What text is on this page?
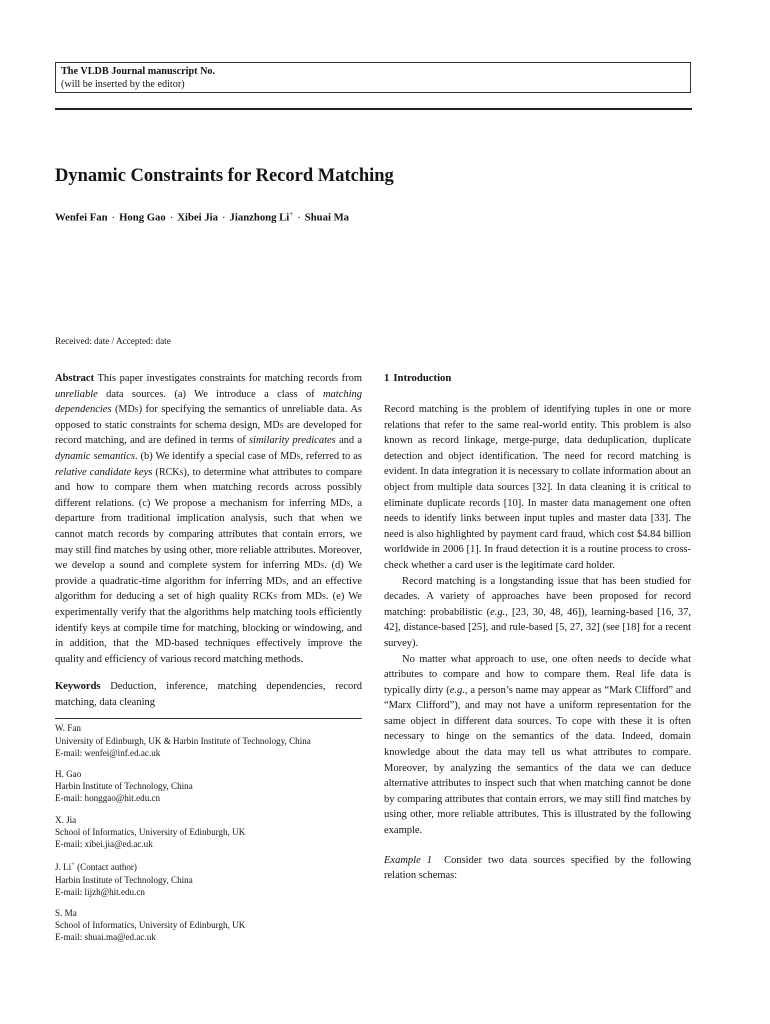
The VLDB Journal manuscript No.
(will be inserted by the editor)
Dynamic Constraints for Record Matching
Wenfei Fan · Hong Gao · Xibei Jia · Jianzhong Li+ · Shuai Ma
Received: date / Accepted: date

Abstract This paper investigates constraints for matching records from unreliable data sources. (a) We introduce a class of matching dependencies (MDs) for specifying the semantics of unreliable data. As opposed to static constraints for schema design, MDs are developed for record matching, and are defined in terms of similarity predicates and a dynamic semantics. (b) We identify a special case of MDs, referred to as relative candidate keys (RCKs), to determine what attributes to compare and how to compare them when matching records across possibly different relations. (c) We propose a mechanism for inferring MDs, a departure from traditional implication analysis, such that when we cannot match records by comparing attributes that contain errors, we may still find matches by using other, more reliable attributes. Moreover, we develop a sound and complete system for inferring MDs. (d) We provide a quadratic-time algorithm for inferring MDs, and an effective algorithm for deducing a set of high quality RCKs from MDs. (e) We experimentally verify that the algorithms help matching tools efficiently identify keys at compile time for matching, blocking or windowing, and in addition, that the MD-based techniques effectively improve the quality and efficiency of various record matching methods.

Keywords Deduction, inference, matching dependencies, record matching, data cleaning

W. Fan
University of Edinburgh, UK & Harbin Institute of Technology, China
E-mail: wenfei@inf.ed.ac.uk
H. Gao
Harbin Institute of Technology, China
E-mail: honggao@hit.edu.cn
X. Jia
School of Informatics, University of Edinburgh, UK
E-mail: xibei.jia@ed.ac.uk
J. Li+ (Contact author)
Harbin Institute of Technology, China
E-mail: lijzh@hit.edu.cn
S. Ma
School of Informatics, University of Edinburgh, UK
E-mail: shuai.ma@ed.ac.uk
1 Introduction

Record matching is the problem of identifying tuples in one or more relations that refer to the same real-world entity. This problem is also known as record linkage, merge-purge, data deduplication, duplicate detection and object identification. The need for record matching is evident. In data integration it is necessary to collate information about an object from multiple data sources [32]. In data cleaning it is critical to eliminate duplicate records [10]. In master data management one often needs to identify links between input tuples and master data [33]. The need is also highlighted by payment card fraud, which cost $4.84 billion worldwide in 2006 [1]. In fraud detection it is a routine process to cross-check whether a card user is the legitimate card holder.

Record matching is a longstanding issue that has been studied for decades. A variety of approaches have been proposed for record matching: probabilistic (e.g., [23, 30, 48, 46]), learning-based [16, 37, 42], distance-based [25], and rule-based [5, 27, 32] (see [18] for a recent survey).

No matter what approach to use, one often needs to decide what attributes to compare and how to compare them. Real life data is typically dirty (e.g., a person’s name may appear as “Mark Clifford” and “Marx Clifford”), and may not have a uniform representation for the same object in different data sources. To cope with these it is often necessary to hinge on the semantics of the data. Indeed, domain knowledge about the data may tell us what attributes to compare. Moreover, by analyzing the semantics of the data we can deduce alternative attributes to inspect such that when matching cannot be done by comparing attributes that contain errors, we may still find matches by using other, more reliable attributes. This is illustrated by the following example.

Example 1 Consider two data sources specified by the following relation schemas:
